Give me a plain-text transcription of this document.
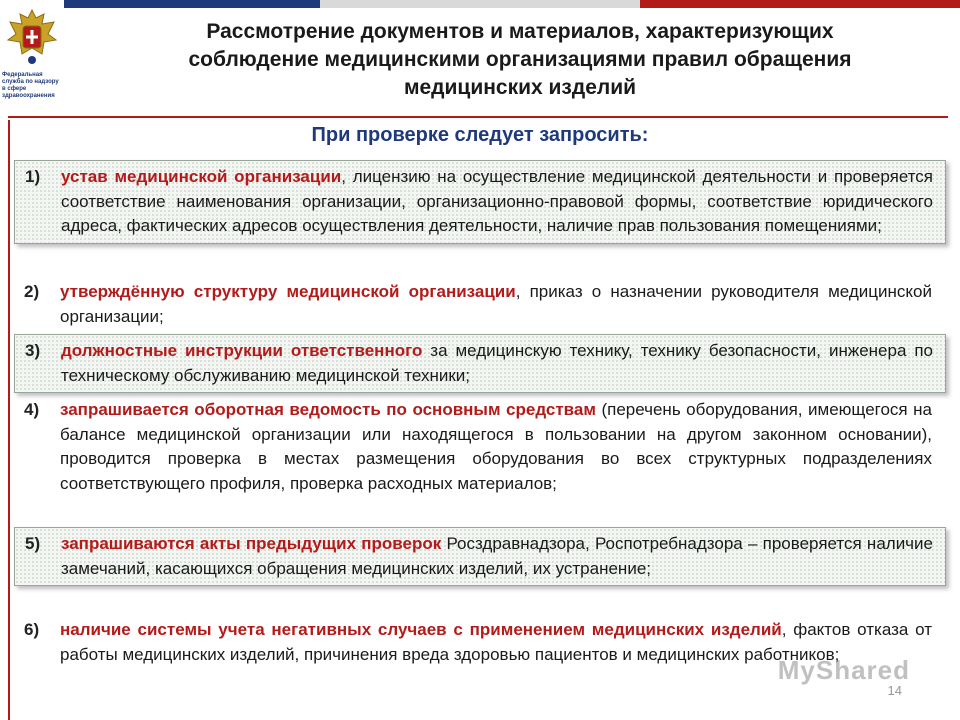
Федеральная служба по надзору в сфере здравоохранения
Рассмотрение документов и материалов, характеризующих
соблюдение медицинскими организациями правил обращения
медицинских изделий
При проверке следует запросить:
1)	устав медицинской организации, лицензию на осуществление медицинской деятельности и проверяется соответствие наименования организации, организационно-правовой формы, соответствие юридического адреса, фактических адресов осуществления деятельности, наличие прав пользования помещениями;
2)	утверждённую структуру медицинской организации, приказ о назначении руководителя медицинской организации;
3)	должностные инструкции ответственного за медицинскую технику, технику безопасности, инженера по техническому обслуживанию медицинской техники;
4)	запрашивается оборотная ведомость по основным средствам (перечень оборудования, имеющегося на балансе медицинской организации или находящегося в пользовании на другом законном основании), проводится проверка в местах размещения оборудования во всех структурных подразделениях соответствующего профиля, проверка расходных материалов;
5)	запрашиваются акты предыдущих проверок Росздравнадзора, Роспотребнадзора – проверяется наличие замечаний, касающихся обращения медицинских изделий, их устранение;
6)	наличие системы учета негативных случаев с применением медицинских изделий, фактов отказа от работы медицинских изделий, причинения вреда здоровью пациентов и медицинских работников;
MyShared
14
